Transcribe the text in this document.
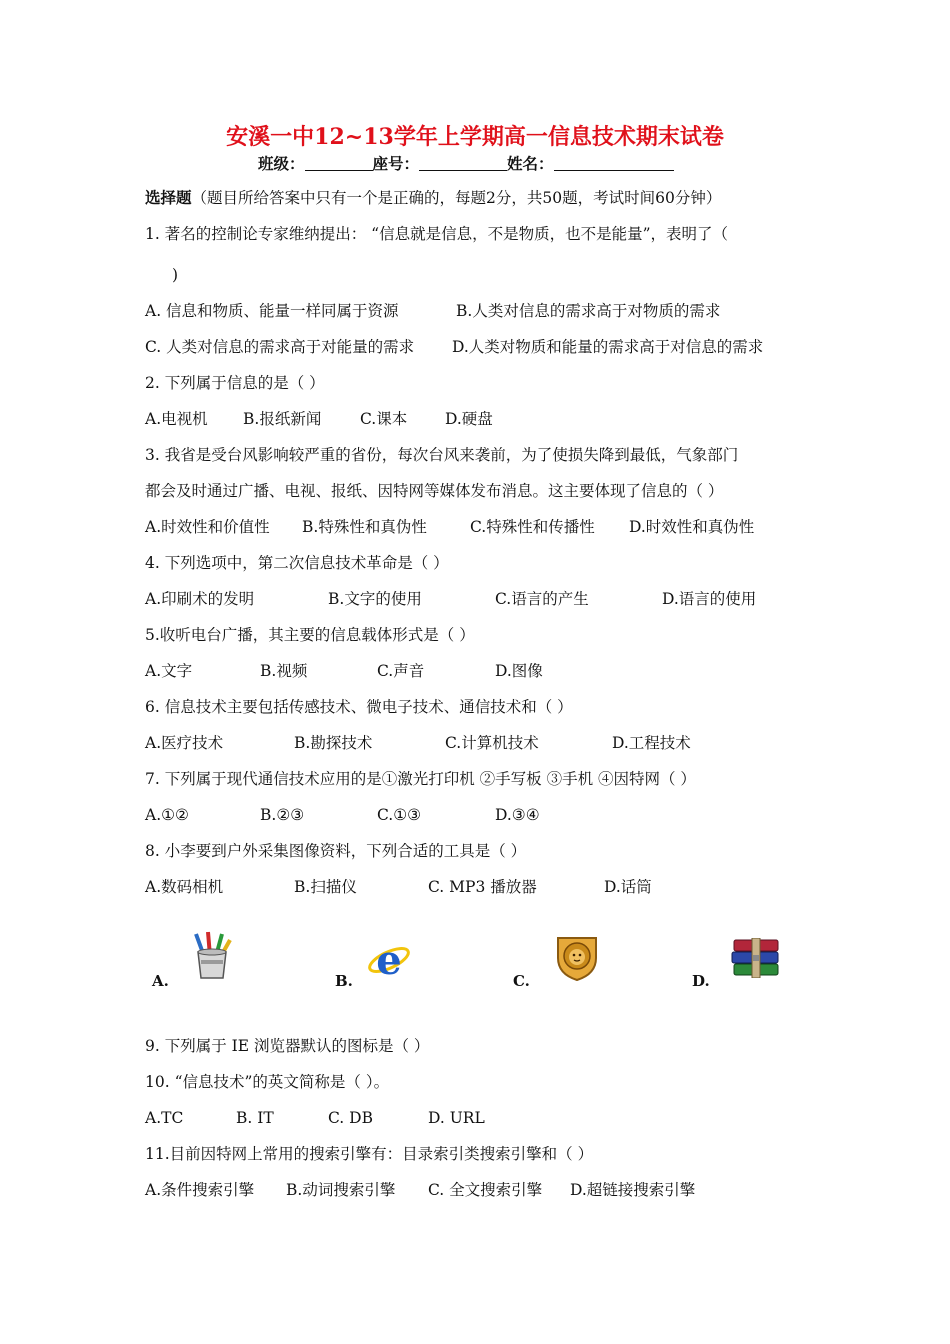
安溪一中12~13学年上学期高一信息技术期末试卷
班级：	座号：	姓名：
选择题（题目所给答案中只有一个是正确的，每题2分，共50题，考试时间60分钟）
1. 著名的控制论专家维纳提出： “信息就是信息，不是物质，也不是能量”，表明了（
)
A. 信息和物质、能量一样同属于资源	B.人类对信息的需求高于对物质的需求
C. 人类对信息的需求高于对能量的需求 D.人类对物质和能量的需求高于对信息的需求
2. 下列属于信息的是（ ）
A.电视机 B.报纸新闻 C.课本 D.硬盘
3. 我省是受台风影响较严重的省份，每次台风来袭前，为了使损失降到最低，气象部门
都会及时通过广播、电视、报纸、因特网等媒体发布消息。这主要体现了信息的（ ）
A.时效性和价值性 B.特殊性和真伪性	C.特殊性和传播性 D.时效性和真伪性
4. 下列选项中，第二次信息技术革命是（ ）
A.印刷术的发明	B.文字的使用	C.语言的产生	D.语言的使用
5.收听电台广播，其主要的信息载体形式是（ ）
A.文字	B.视频	C.声音	D.图像
6. 信息技术主要包括传感技术、微电子技术、通信技术和（ ）
A.医疗技术	B.勘探技术	C.计算机技术	D.工程技术
7. 下列属于现代通信技术应用的是①激光打印机 ②手写板 ③手机 ④因特网（ ）
A.①②	B.②③	C.①③	D.③④
8. 小李要到户外采集图像资料，下列合适的工具是（ ）
A.数码相机	B.扫描仪	C. MP3 播放器	D.话筒
A.	B. e	C.	D.
9. 下列属于 IE 浏览器默认的图标是（ ）
10. “信息技术”的英文简称是（ ）。
A.TC	B. IT	C. DB	D. URL
11.目前因特网上常用的搜索引擎有：目录索引类搜索引擎和（ ）
A.条件搜索引擎 B.动词搜索引擎 C. 全文搜索引擎 D.超链接搜索引擎
